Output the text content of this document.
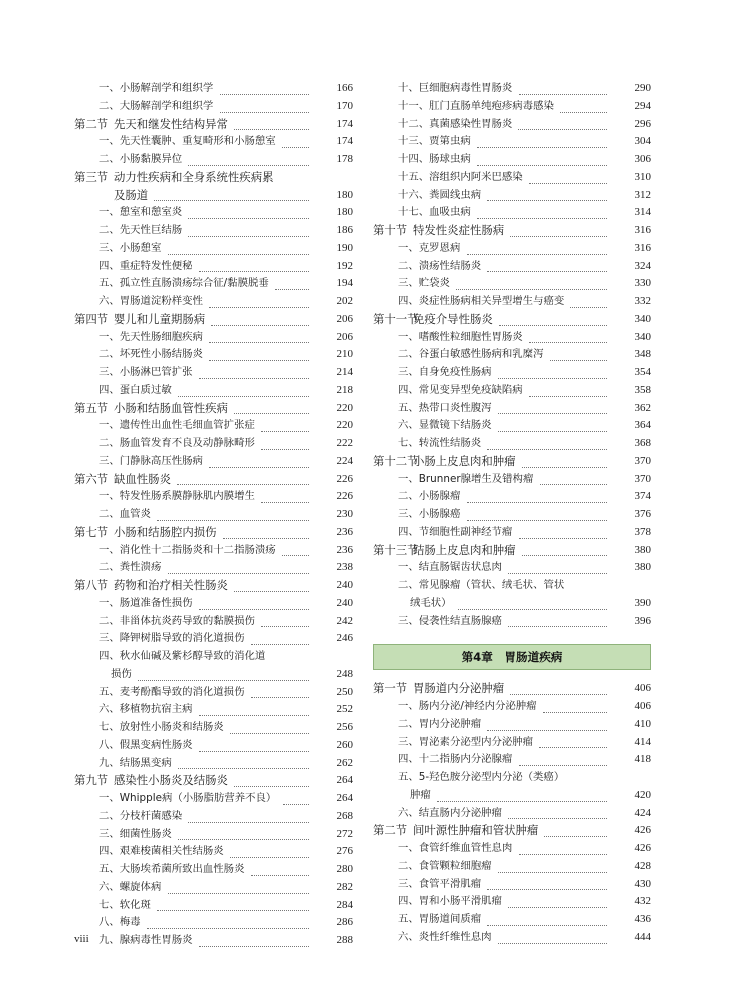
一、小肠解剖学和组织学	166
二、大肠解剖学和组织学	170
第二节 先天和继发性结构异常	174
一、先天性囊肿、重复畸形和小肠憩室	174
二、小肠黏膜异位	178
第三节 动力性疾病和全身系统性疾病累
及肠道	180
一、憩室和憩室炎	180
二、先天性巨结肠	186
三、小肠憩室	190
四、重症特发性便秘	192
五、孤立性直肠溃疡综合征/黏膜脱垂	194
六、胃肠道淀粉样变性	202
第四节 婴儿和儿童期肠病	206
一、先天性肠细胞疾病	206
二、坏死性小肠结肠炎	210
三、小肠淋巴管扩张	214
四、蛋白质过敏	218
第五节 小肠和结肠血管性疾病	220
一、遗传性出血性毛细血管扩张症	220
二、肠血管发育不良及动静脉畸形	222
三、门静脉高压性肠病	224
第六节 缺血性肠炎	226
一、特发性肠系膜静脉肌内膜增生	226
二、血管炎	230
第七节 小肠和结肠腔内损伤	236
一、消化性十二指肠炎和十二指肠溃疡	236
二、粪性溃疡	238
第八节 药物和治疗相关性肠炎	240
一、肠道准备性损伤	240
二、非甾体抗炎药导致的黏膜损伤	242
三、降钾树脂导致的消化道损伤	246
四、秋水仙碱及紫杉醇导致的消化道
损伤	248
五、麦考酚酯导致的消化道损伤	250
六、移植物抗宿主病	252
七、放射性小肠炎和结肠炎	256
八、假黑变病性肠炎	260
九、结肠黑变病	262
第九节 感染性小肠炎及结肠炎	264
一、Whipple病（小肠脂肪营养不良）	264
二、分枝杆菌感染	268
三、细菌性肠炎	272
四、艰难梭菌相关性结肠炎	276
五、大肠埃希菌所致出血性肠炎	280
六、螺旋体病	282
七、软化斑	284
八、梅毒	286
九、腺病毒性胃肠炎	288
十、巨细胞病毒性胃肠炎	290
十一、肛门直肠单纯疱疹病毒感染	294
十二、真菌感染性胃肠炎	296
十三、贾第虫病	304
十四、肠球虫病	306
十五、溶组织内阿米巴感染	310
十六、粪圆线虫病	312
十七、血吸虫病	314
第十节 特发性炎症性肠病	316
一、克罗恩病	316
二、溃疡性结肠炎	324
三、贮袋炎	330
四、炎症性肠病相关异型增生与癌变	332
第十一节免疫介导性肠炎	340
一、嗜酸性粒细胞性胃肠炎	340
二、谷蛋白敏感性肠病和乳糜泻	348
三、自身免疫性肠病	354
四、常见变异型免疫缺陷病	358
五、热带口炎性腹泻	362
六、显微镜下结肠炎	364
七、转流性结肠炎	368
第十二节小肠上皮息肉和肿瘤	370
一、Brunner腺增生及错构瘤	370
二、小肠腺瘤	374
三、小肠腺癌	376
四、节细胞性副神经节瘤	378
第十三节结肠上皮息肉和肿瘤	380
一、结直肠锯齿状息肉	380
二、常见腺瘤（管状、绒毛状、管状
绒毛状）	390
三、侵袭性结直肠腺癌	396
第4章　胃肠道疾病
第一节 胃肠道内分泌肿瘤	406
一、肠内分泌/神经内分泌肿瘤	406
二、胃内分泌肿瘤	410
三、胃泌素分泌型内分泌肿瘤	414
四、十二指肠内分泌腺瘤	418
五、5-羟色胺分泌型内分泌（类癌）
肿瘤	420
六、结直肠内分泌肿瘤	424
第二节 间叶源性肿瘤和管状肿瘤	426
一、食管纤维血管性息肉	426
二、食管颗粒细胞瘤	428
三、食管平滑肌瘤	430
四、胃和小肠平滑肌瘤	432
五、胃肠道间质瘤	436
六、炎性纤维性息肉	444
viii
